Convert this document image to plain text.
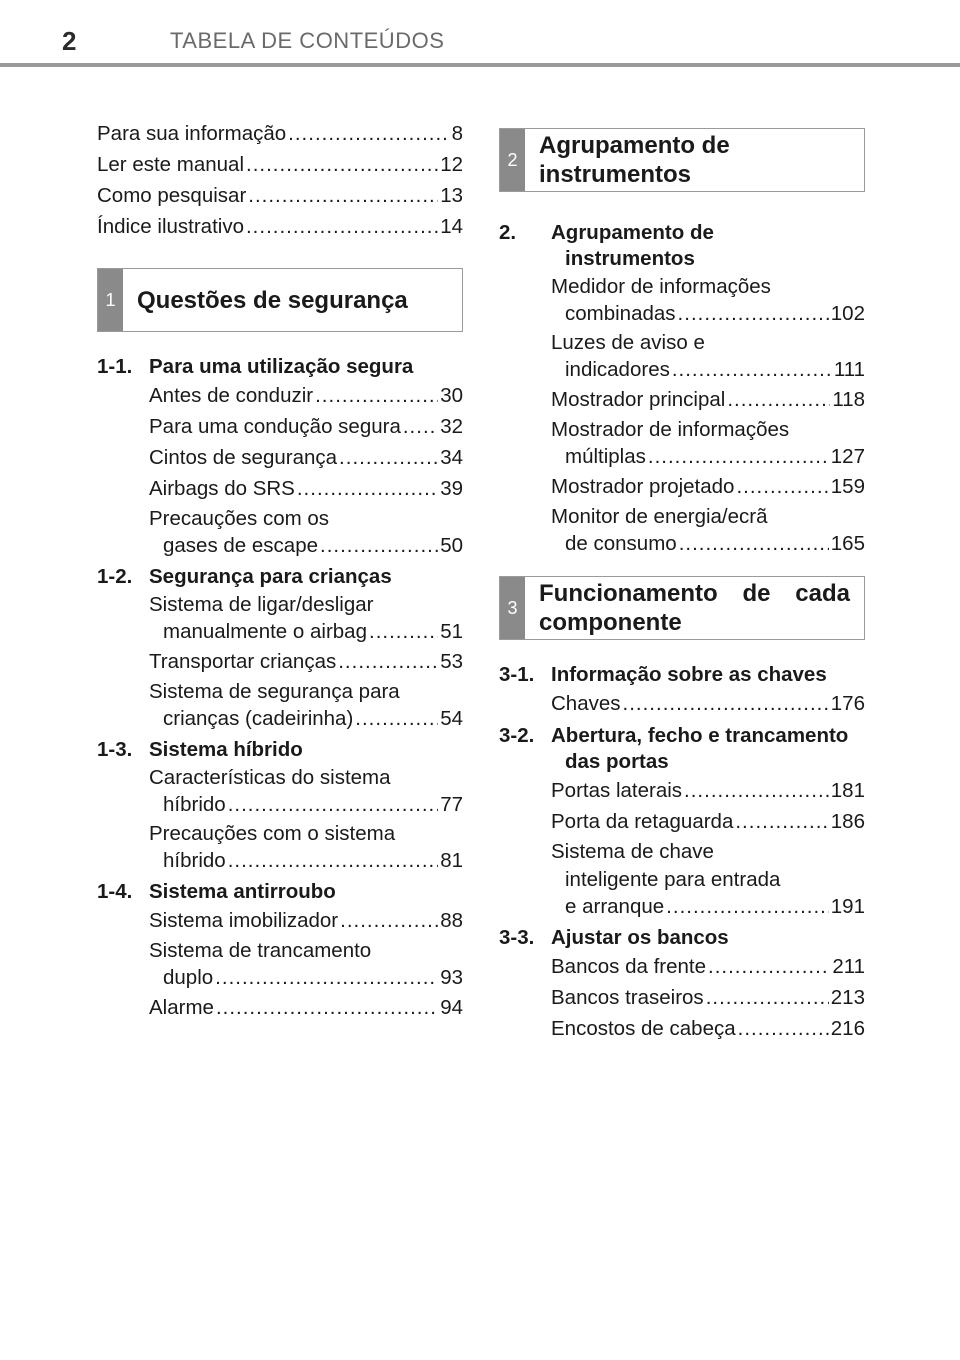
2	TABELA DE CONTEÚDOS
Para sua informação .....	8
Ler este manual .....	12
Como pesquisar .....	13
Índice ilustrativo .....	14
1 Questões de segurança
1-1. Para uma utilização segura
Antes de conduzir .....	30
Para uma condução segura ..... 32
Cintos de segurança .....	34
Airbags do SRS .....	39
Precauções com os
gases de escape .....	50
1-2. Segurança para crianças
Sistema de ligar/desligar
manualmente o airbag .....	51
Transportar crianças .....	53
Sistema de segurança para
crianças (cadeirinha) .....	54
1-3. Sistema híbrido
Características do sistema
híbrido .....	77
Precauções com o sistema
híbrido .....	81
1-4. Sistema antirroubo
Sistema imobilizador .....	88
Sistema de trancamento
duplo .....	93
Alarme .....	94
2
Agrupamento de
instrumentos
2.	Agrupamento de
instrumentos
Medidor de informações
combinadas .....	102
Luzes de aviso e
indicadores .....	111
Mostrador principal .....	118
Mostrador de informações
múltiplas .....	127
Mostrador projetado .....	159
Monitor de energia/ecrã
de consumo .....	165
3
Funcionamento de cada
componente
3-1. Informação sobre as chaves
Chaves .....	176
3-2. Abertura, fecho e trancamento
das portas
Portas laterais .....	181
Porta da retaguarda .....	186
Sistema de chave
inteligente para entrada
e arranque .....	191
3-3. Ajustar os bancos
Bancos da frente .....	211
Bancos traseiros .....	213
Encostos de cabeça .....	216
